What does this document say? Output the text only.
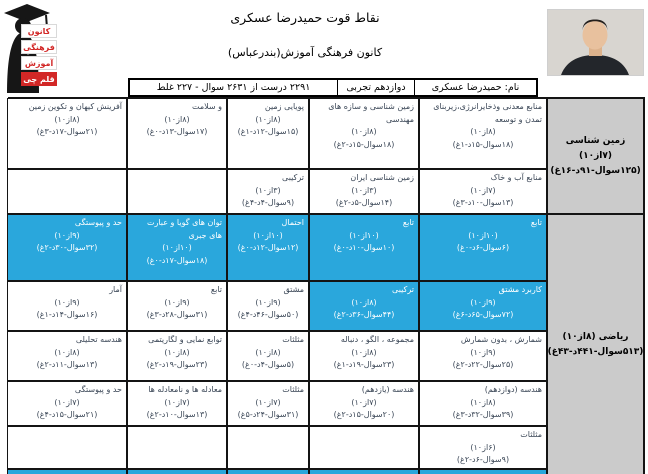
کانون
فرهنگی
آموزش
قلم چی
نقاط قوت حمیدرضا عسکری
کانون فرهنگی آموزش(بندرعباس)
نام: حمیدرضا عسکری
دوازدهم تجربی
۲۲۹۱ درست از ۲۶۳۱ سوال - ۲۲۷ غلط
زمین شناسی (۷از۱۰)
(۱۲۵سوال-۹۱د-۱۶غ)
منابع معدنی وذخایرانرژی،زیربنای تمدن و توسعه
(۸از۱۰)
(۱۸سوال-۱۵د-۱غ)
زمین شناسی و سازه های مهندسی
(۸از۱۰)
(۱۸سوال-۱۵د-۲غ)
پویایی زمین
(۸از۱۰)
(۱۵سوال-۱۲د-۱غ)
و سلامت
(۸از۱۰)
(۱۷سوال-۱۳د-۰غ)
آفرینش کیهان و تکوین زمین
(۸از۱۰)
(۲۱سوال-۱۷د-۳غ)
منابع آب و خاک
(۷از۱۰)
(۱۳سوال-۱۰د-۳غ)
زمین شناسی ایران
(۳از۱۰)
(۱۴سوال-۵د-۲غ)
ترکیبی
(۳از۱۰)
(۹سوال-۴د-۴غ)
ریاضی (۸از۱۰)
(۵۱۳سوال-۴۴۱د-۴۳غ)
تابع
(۱۰از۱۰)
(۶سوال-۶د-۰غ)
تابع
(۱۰از۱۰)
(۱۰سوال-۱۰د-۰غ)
احتمال
(۱۰از۱۰)
(۱۲سوال-۱۲د-۰غ)
توان های گویا و عبارت های جبری
(۱۰از۱۰)
(۱۸سوال-۱۷د-۰غ)
حد و پیوستگی
(۹از۱۰)
(۳۲سوال-۳۰د-۲غ)
کاربرد مشتق
(۹از۱۰)
(۷۲سوال-۶۵د-۶غ)
ترکیبی
(۸از۱۰)
(۴۴سوال-۳۶د-۲غ)
مشتق
(۹از۱۰)
(۵۰سوال-۴۶د-۴غ)
تابع
(۹از۱۰)
(۳۱سوال-۲۸د-۳غ)
آمار
(۹از۱۰)
(۱۶سوال-۱۴د-۱غ)
شمارش ، بدون شمارش
(۹از۱۰)
(۲۵سوال-۲۲د-۲غ)
مجموعه ، الگو ، دنباله
(۸از۱۰)
(۲۳سوال-۱۹د-۱غ)
مثلثات
(۸از۱۰)
(۵سوال-۴د-۰غ)
توابع نمایی و لگاریتمی
(۸از۱۰)
(۲۳سوال-۱۹د-۲غ)
هندسه تحلیلی
(۸از۱۰)
(۱۳سوال-۱۱د-۲غ)
هندسه (دوازدهم)
(۸از۱۰)
(۳۹سوال-۳۲د-۳غ)
هندسه (یازدهم)
(۷از۱۰)
(۲۰سوال-۱۵د-۲غ)
مثلثات
(۷از۱۰)
(۳۱سوال-۲۴د-۵غ)
معادله ها و نامعادله ها
(۷از۱۰)
(۱۳سوال-۱۰د-۲غ)
حد و پیوستگی
(۷از۱۰)
(۲۱سوال-۱۵د-۴غ)
مثلثات
(۶از۱۰)
(۹سوال-۶د-۲غ)
